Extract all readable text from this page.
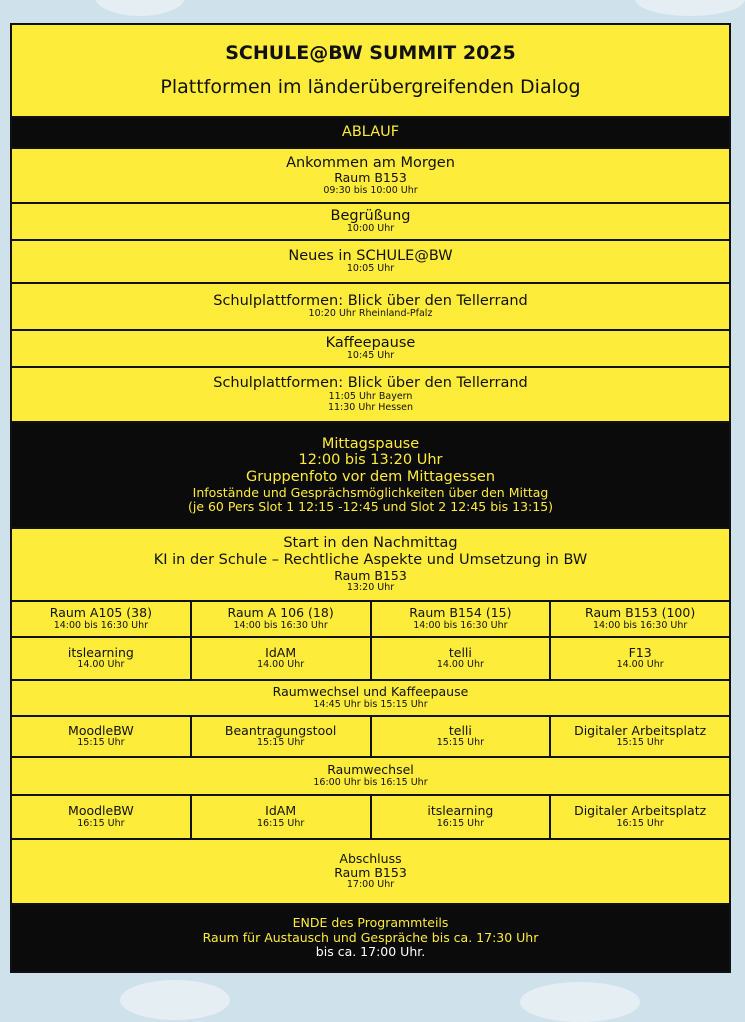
SCHULE@BW SUMMIT 2025
Plattformen im länderübergreifenden Dialog
ABLAUF
Ankommen am Morgen
Raum B153
09:30 bis 10:00 Uhr
Begrüßung
10:00 Uhr
Neues in SCHULE@BW
10:05 Uhr
Schulplattformen: Blick über den Tellerrand
10:20 Uhr Rheinland-Pfalz
Kaffeepause
10:45 Uhr
Schulplattformen: Blick über den Tellerrand
11:05 Uhr Bayern
11:30 Uhr Hessen
Mittagspause
12:00 bis 13:20 Uhr
Gruppenfoto vor dem Mittagessen
Infostände und Gesprächsmöglichkeiten über den Mittag
(je 60 Pers Slot 1 12:15 -12:45 und Slot 2 12:45 bis 13:15)
Start in den Nachmittag
KI in der Schule – Rechtliche Aspekte und Umsetzung in BW
Raum B153
13:20 Uhr
Raum A105 (38)
14:00 bis 16:30 Uhr
Raum A 106 (18)
14:00 bis 16:30 Uhr
Raum B154 (15)
14:00 bis 16:30 Uhr
Raum B153 (100)
14:00 bis 16:30 Uhr
itslearning
14.00 Uhr
IdAM
14.00 Uhr
telli
14.00 Uhr
F13
14.00 Uhr
Raumwechsel und Kaffeepause
14:45 Uhr bis 15:15 Uhr
MoodleBW
15:15 Uhr
Beantragungstool
15:15 Uhr
telli
15:15 Uhr
Digitaler Arbeitsplatz
15:15 Uhr
Raumwechsel
16:00 Uhr bis 16:15 Uhr
MoodleBW
16:15 Uhr
IdAM
16:15 Uhr
itslearning
16:15 Uhr
Digitaler Arbeitsplatz
16:15 Uhr
Abschluss
Raum B153
17:00 Uhr
ENDE des Programmteils
Raum für Austausch und Gespräche bis ca. 17:30 Uhr
bis ca. 17:00 Uhr.
